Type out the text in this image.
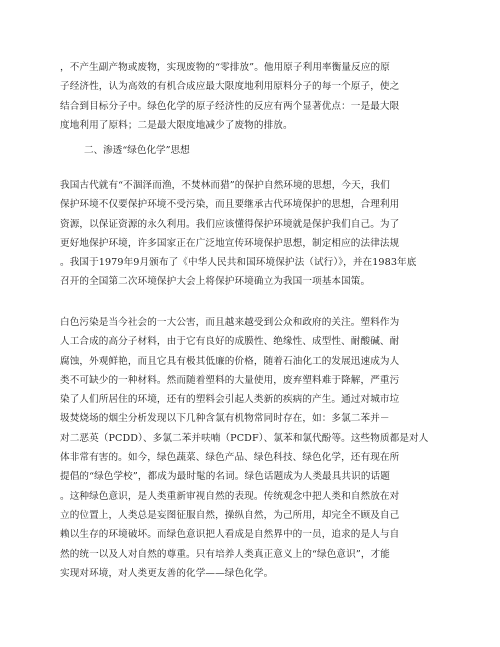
，不产生副产物或废物，实现废物的“零排放”。他用原子利用率衡量反应的原
子经济性，认为高效的有机合成应最大限度地利用原料分子的每一个原子，使之
结合到目标分子中。绿色化学的原子经济性的反应有两个显著优点：一是最大限
度地利用了原料；二是最大限度地减少了废物的排放。
二、渗透“绿色化学”思想
我国古代就有“不涸泽而渔，不焚林而猎”的保护自然环境的思想，今天，我们
保护环境不仅要保护环境不受污染，而且要继承古代环境保护的思想，合理利用
资源，以保证资源的永久利用。我们应该懂得保护环境就是保护我们自己。为了
更好地保护环境，许多国家正在广泛地宣传环境保护思想，制定相应的法律法规
。我国于1979年9月颁布了《中华人民共和国环境保护法（试行）》，并在1983年底
召开的全国第二次环境保护大会上将保护环境确立为我国一项基本国策。
白色污染是当今社会的一大公害，而且越来越受到公众和政府的关注。塑料作为
人工合成的高分子材料，由于它有良好的成膜性、绝缘性、成型性、耐酸碱、耐
腐蚀，外观鲜艳，而且它具有极其低廉的价格，随着石油化工的发展迅速成为人
类不可缺少的一种材料。然而随着塑料的大量使用，废弃塑料难于降解，严重污
染了人们所居住的环境，还有的塑料会引起人类新的疾病的产生。通过对城市垃
圾焚烧场的烟尘分析发现以下几种含氯有机物常同时存在，如：多氯二苯并－
对二恶英（PCDD）、多氯二苯并呋喃（PCDF）、氯苯和氯代酚等。这些物质都是对人
体非常有害的。如今，绿色蔬菜、绿色产品、绿色科技、绿色化学，还有现在所
提倡的“绿色学校”，都成为最时髦的名词。绿色话题成为人类最具共识的话题
。这种绿色意识，是人类重新审视自然的表现。传统观念中把人类和自然放在对
立的位置上，人类总是妄图征服自然，操纵自然，为己所用，却完全不顾及自己
赖以生存的环境破坏。而绿色意识把人看成是自然界中的一员，追求的是人与自
然的统一以及人对自然的尊重。只有培养人类真正意义上的“绿色意识”，才能
实现对环境，对人类更友善的化学——绿色化学。
